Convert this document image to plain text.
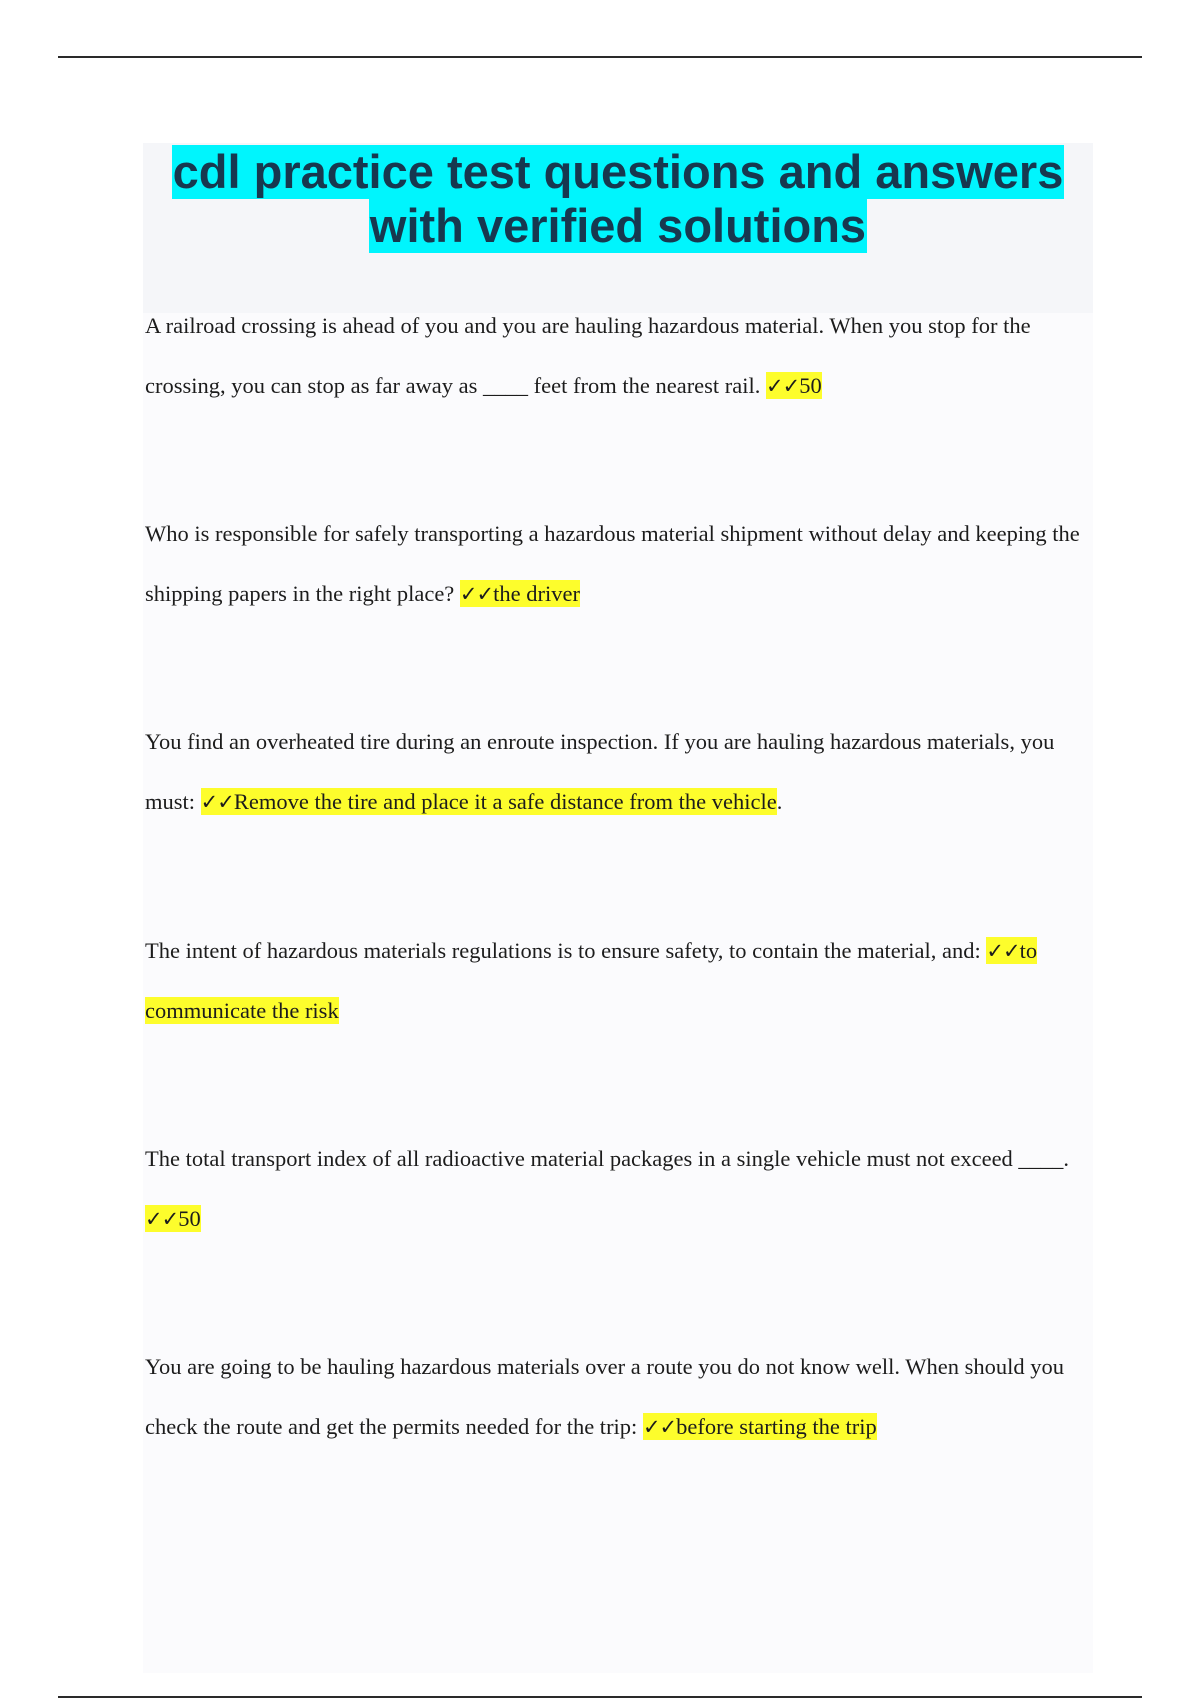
cdl practice test questions and answers
with verified solutions
A railroad crossing is ahead of you and you are hauling hazardous material. When you stop for the crossing, you can stop as far away as ____ feet from the nearest rail. ✓✓50
Who is responsible for safely transporting a hazardous material shipment without delay and keeping the shipping papers in the right place? ✓✓the driver
You find an overheated tire during an enroute inspection. If you are hauling hazardous materials, you must: ✓✓Remove the tire and place it a safe distance from the vehicle.
The intent of hazardous materials regulations is to ensure safety, to contain the material, and: ✓✓to communicate the risk
The total transport index of all radioactive material packages in a single vehicle must not exceed ____. ✓✓50
You are going to be hauling hazardous materials over a route you do not know well. When should you check the route and get the permits needed for the trip: ✓✓before starting the trip
